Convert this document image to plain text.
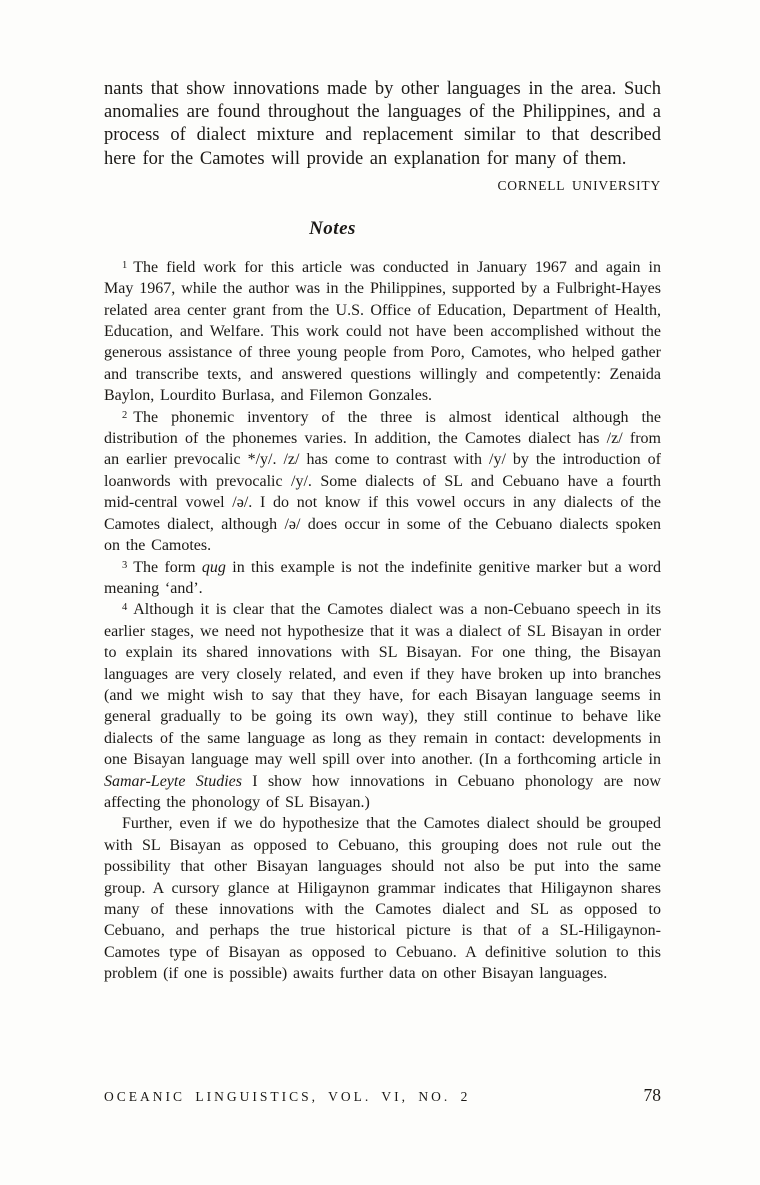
nants that show innovations made by other languages in the area. Such anomalies are found throughout the languages of the Philippines, and a process of dialect mixture and replacement similar to that described here for the Camotes will provide an explanation for many of them.

CORNELL UNIVERSITY

Notes

$^1$ The field work for this article was conducted in January 1967 and again in May 1967, while the author was in the Philippines, supported by a Fulbright-Hayes related area center grant from the U.S. Office of Education, Department of Health, Education, and Welfare. This work could not have been accomplished without the generous assistance of three young people from Poro, Camotes, who helped gather and transcribe texts, and answered questions willingly and competently: Zenaida Baylon, Lourdito Burlasa, and Filemon Gonzales.

$^2$ The phonemic inventory of the three is almost identical although the distribution of the phonemes varies. In addition, the Camotes dialect has /z/ from an earlier prevocalic */y/. /z/ has come to contrast with /y/ by the introduction of loanwords with prevocalic /y/. Some dialects of SL and Cebuano have a fourth mid-central vowel /ə/. I do not know if this vowel occurs in any dialects of the Camotes dialect, although /ə/ does occur in some of the Cebuano dialects spoken on the Camotes.

$^3$ The form qug in this example is not the indefinite genitive marker but a word meaning ‘and’.

$^4$ Although it is clear that the Camotes dialect was a non-Cebuano speech in its earlier stages, we need not hypothesize that it was a dialect of SL Bisayan in order to explain its shared innovations with SL Bisayan. For one thing, the Bisayan languages are very closely related, and even if they have broken up into branches (and we might wish to say that they have, for each Bisayan language seems in general gradually to be going its own way), they still continue to behave like dialects of the same language as long as they remain in contact: developments in one Bisayan language may well spill over into another. (In a forthcoming article in Samar-Leyte Studies I show how innovations in Cebuano phonology are now affecting the phonology of SL Bisayan.)

Further, even if we do hypothesize that the Camotes dialect should be grouped with SL Bisayan as opposed to Cebuano, this grouping does not rule out the possibility that other Bisayan languages should not also be put into the same group. A cursory glance at Hiligaynon grammar indicates that Hiligaynon shares many of these innovations with the Camotes dialect and SL as opposed to Cebuano, and perhaps the true historical picture is that of a SL-Hiligaynon-Camotes type of Bisayan as opposed to Cebuano. A definitive solution to this problem (if one is possible) awaits further data on other Bisayan languages.

OCEANIC LINGUISTICS, VOL. VI, NO. 2	78
